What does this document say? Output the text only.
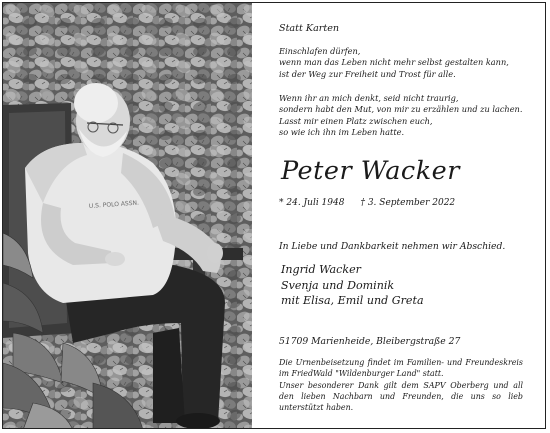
U.S. POLO ASSN.
Statt Karten
Einschlafen dürfen,
wenn man das Leben nicht mehr selbst gestalten kann,
ist der Weg zur Freiheit und Trost für alle.
Wenn ihr an mich denkt, seid nicht traurig,
sondern habt den Mut, von mir zu erzählen und zu lachen.
Lasst mir einen Platz zwischen euch,
so wie ich ihn im Leben hatte.
Peter Wacker
* 24. Juli 1948 † 3. September 2022
In Liebe und Dankbarkeit nehmen wir Abschied.
Ingrid Wacker
Svenja und Dominik
mit Elisa, Emil und Greta
51709 Marienheide, Bleibergstraße 27

Die Urnenbeisetzung findet im Familien- und Freundeskreis im FriedWald "Wildenburger Land" statt.

Unser besonderer Dank gilt dem SAPV Oberberg und all den lieben Nachbarn und Freunden, die uns so lieb unterstützt haben.
